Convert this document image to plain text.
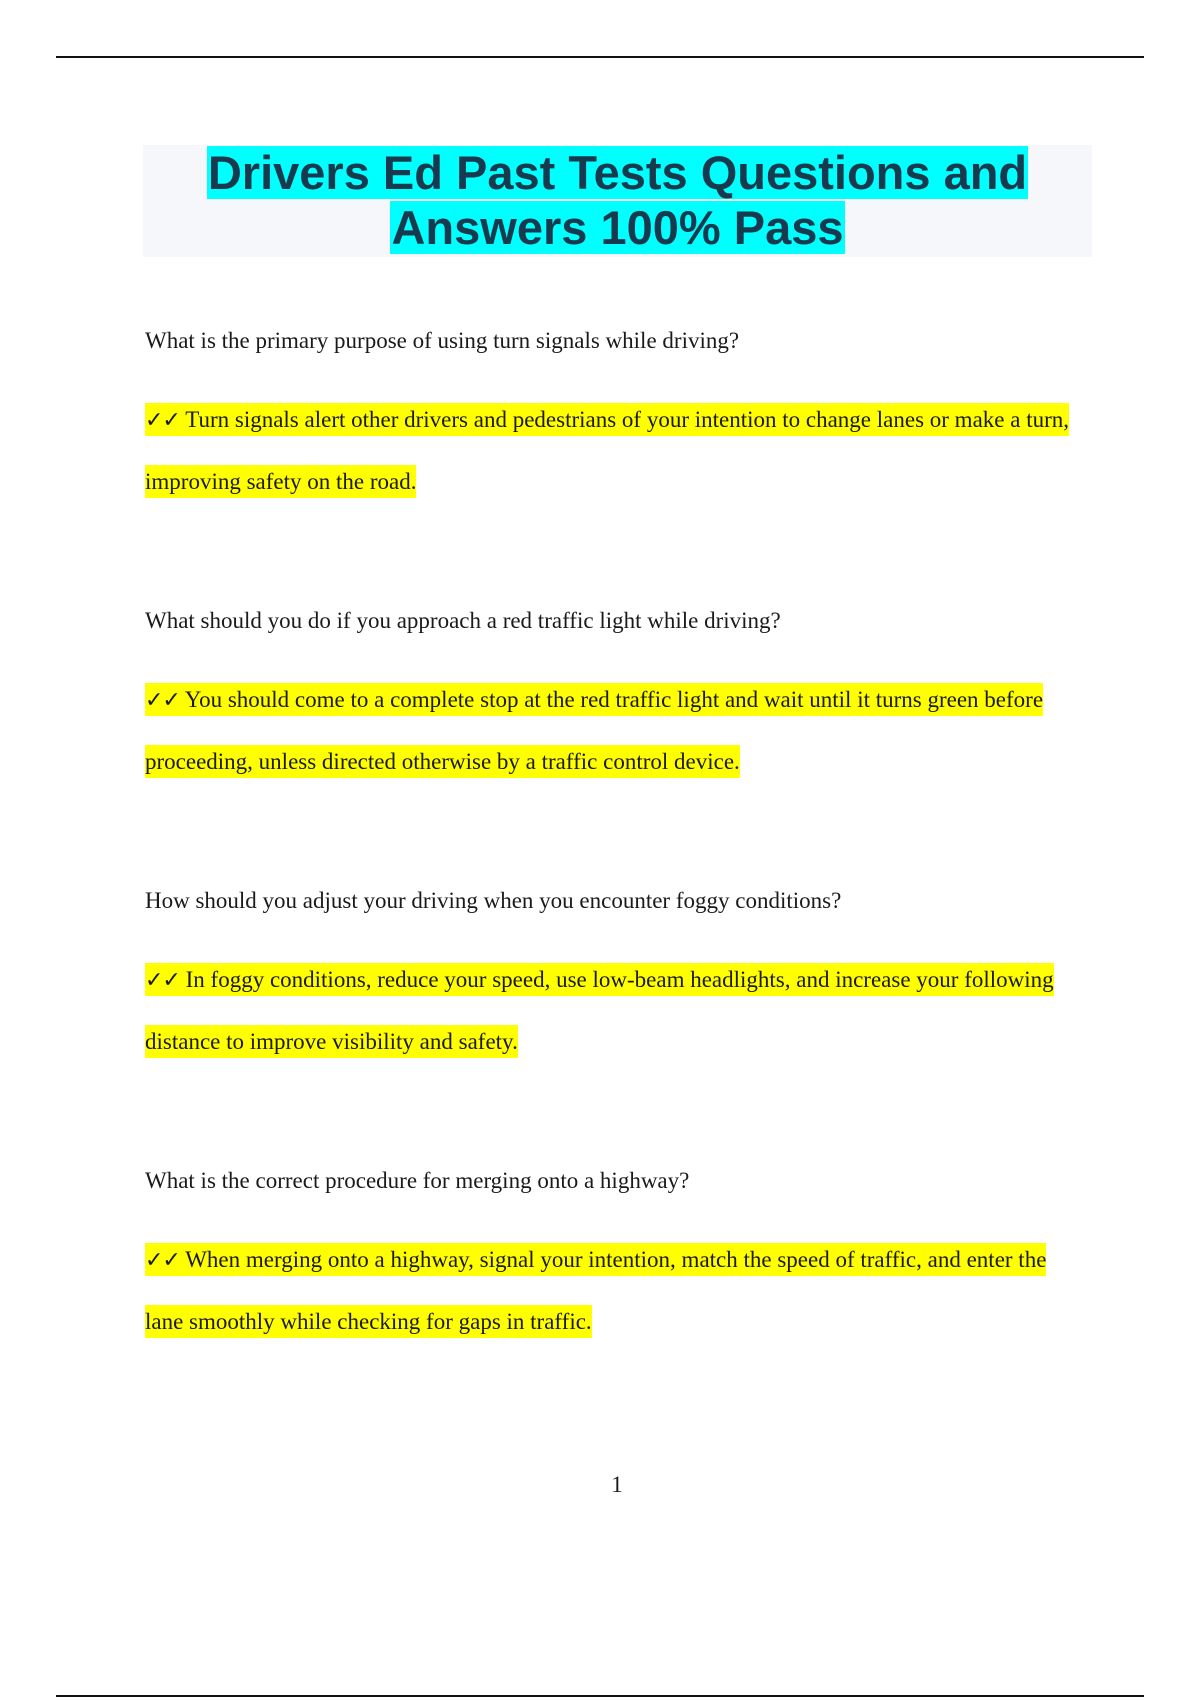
Drivers Ed Past Tests Questions and
Answers 100% Pass

What is the primary purpose of using turn signals while driving?

✓✓ Turn signals alert other drivers and pedestrians of your intention to change lanes or make a turn, improving safety on the road.

What should you do if you approach a red traffic light while driving?

✓✓ You should come to a complete stop at the red traffic light and wait until it turns green before proceeding, unless directed otherwise by a traffic control device.

How should you adjust your driving when you encounter foggy conditions?

✓✓ In foggy conditions, reduce your speed, use low-beam headlights, and increase your following distance to improve visibility and safety.

What is the correct procedure for merging onto a highway?

✓✓ When merging onto a highway, signal your intention, match the speed of traffic, and enter the lane smoothly while checking for gaps in traffic.

1
